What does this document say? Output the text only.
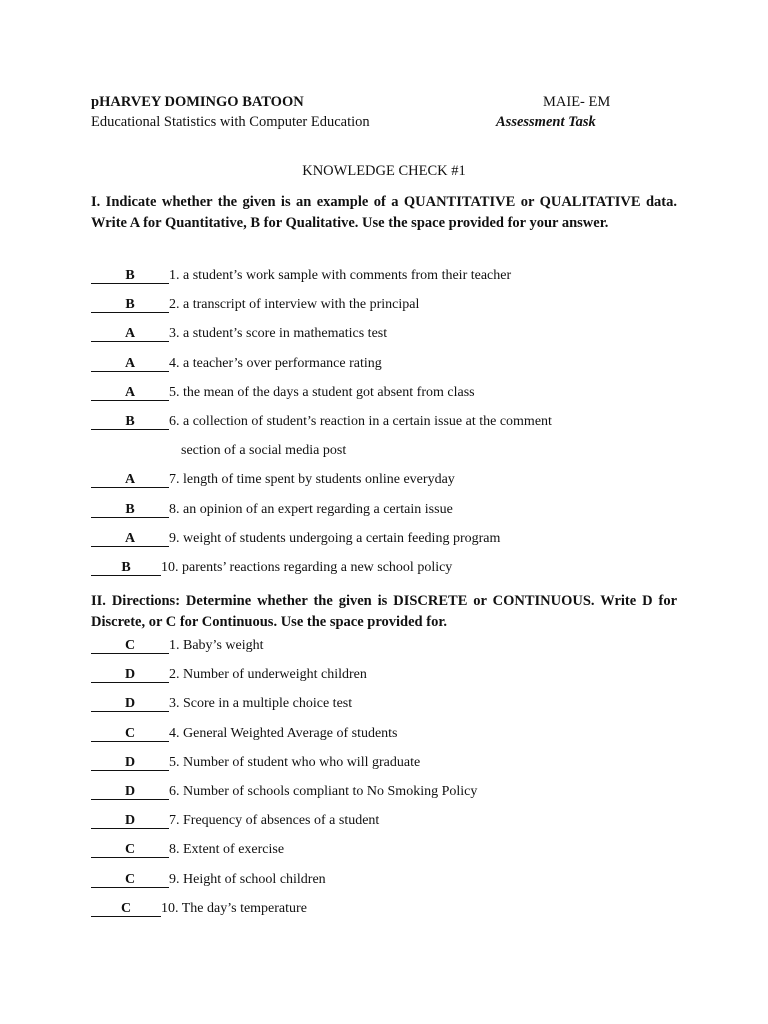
pHARVEY DOMINGO BATOON	MAIE- EM
Educational Statistics with Computer Education	Assessment Task
KNOWLEDGE CHECK #1
I. Indicate whether the given is an example of a QUANTITATIVE or QUALITATIVE data. Write A for Quantitative, B for Qualitative. Use the space provided for your answer.
B 1. a student’s work sample with comments from their teacher
B 2. a transcript of interview with the principal
A 3. a student’s score in mathematics test
A 4. a teacher’s over performance rating
A 5. the mean of the days a student got absent from class
B 6. a collection of student’s reaction in a certain issue at the comment
section of a social media post
A 7. length of time spent by students online everyday
B 8. an opinion of an expert regarding a certain issue
A 9. weight of students undergoing a certain feeding program
B 10. parents’ reactions regarding a new school policy
II. Directions: Determine whether the given is DISCRETE or CONTINUOUS. Write D for Discrete, or C for Continuous. Use the space provided for.
C 1. Baby’s weight
D 2. Number of underweight children
D 3. Score in a multiple choice test
C 4. General Weighted Average of students
D 5. Number of student who who will graduate
D 6. Number of schools compliant to No Smoking Policy
D 7. Frequency of absences of a student
C 8. Extent of exercise
C 9. Height of school children
C 10. The day’s temperature
